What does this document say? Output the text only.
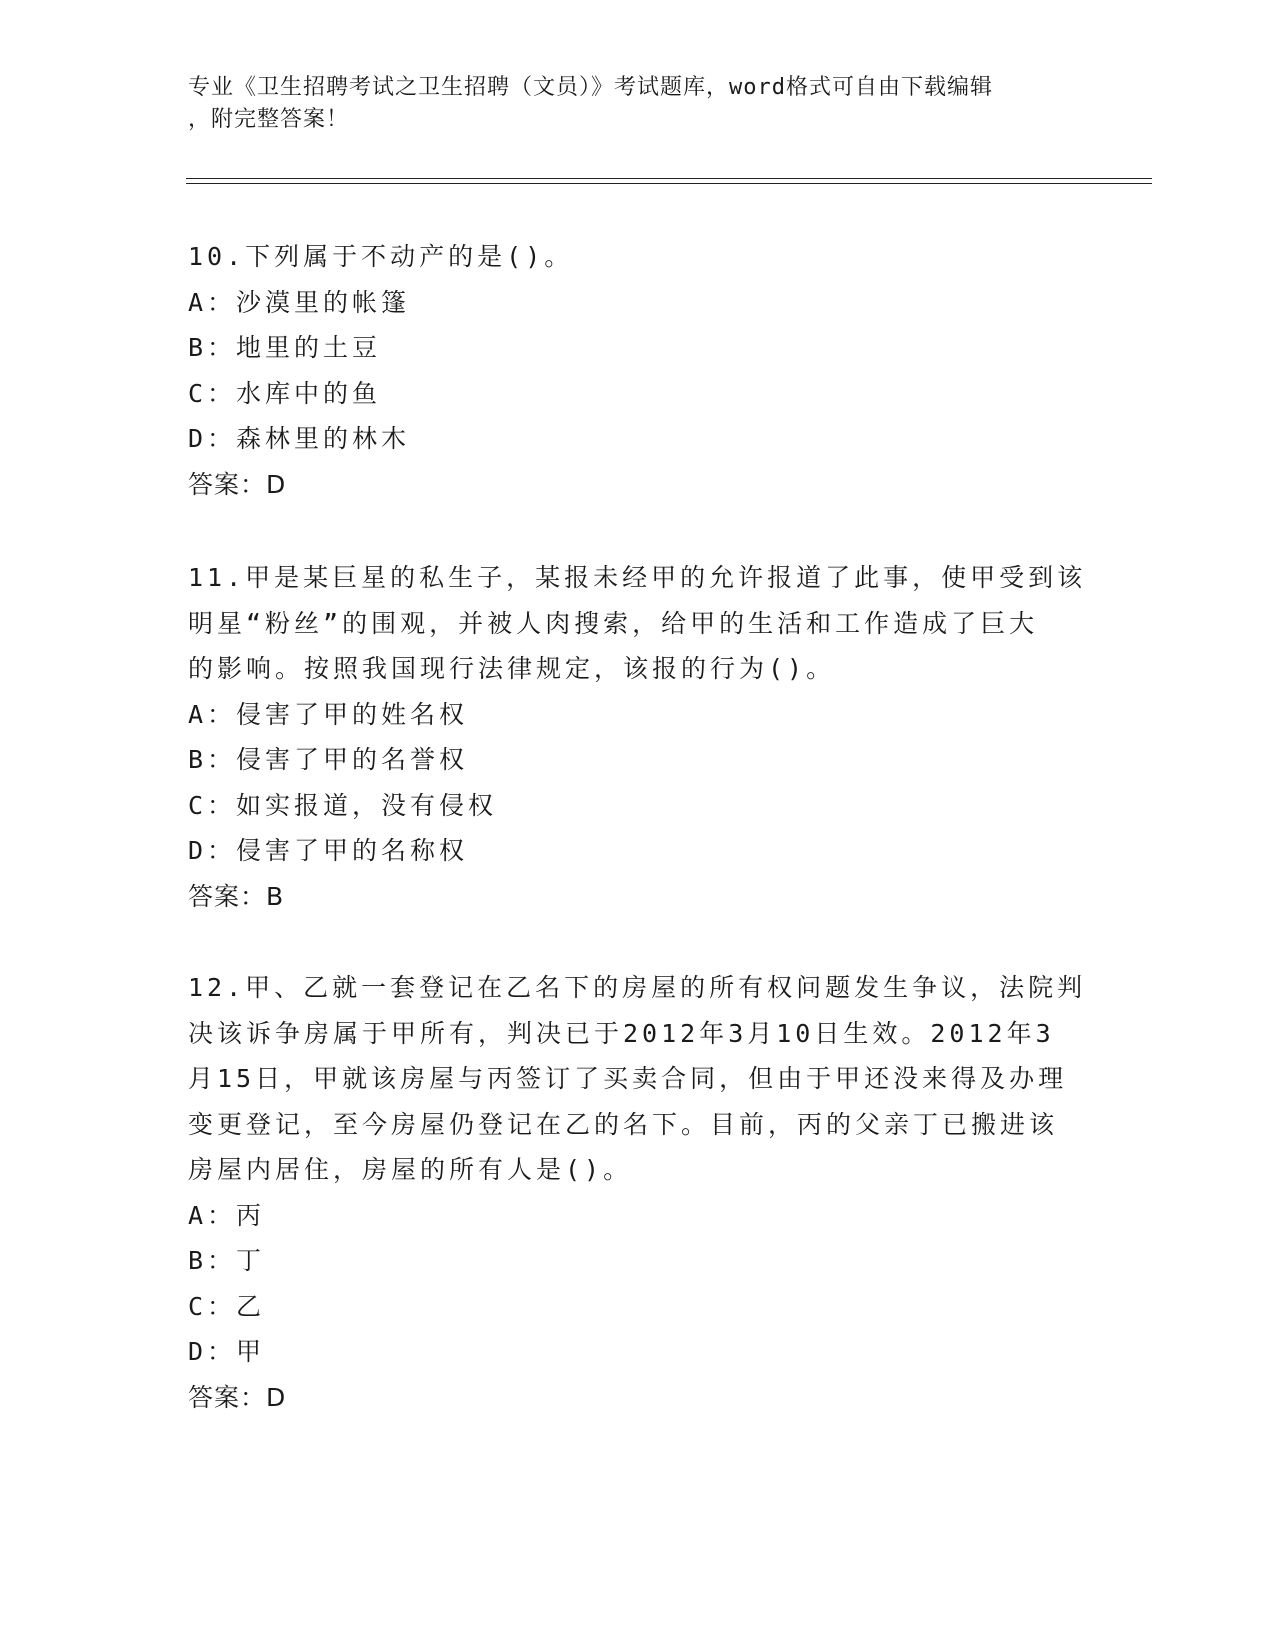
专业《卫生招聘考试之卫生招聘（文员）》考试题库，word格式可自由下载编辑
，附完整答案！

10.下列属于不动产的是()。

A：沙漠里的帐篷

B：地里的土豆

C：水库中的鱼

D：森林里的林木

答案：D

11.甲是某巨星的私生子，某报未经甲的允许报道了此事，使甲受到该

明星“粉丝”的围观，并被人肉搜索，给甲的生活和工作造成了巨大

的影响。按照我国现行法律规定，该报的行为()。

A：侵害了甲的姓名权

B：侵害了甲的名誉权

C：如实报道，没有侵权

D：侵害了甲的名称权

答案：B

12.甲、乙就一套登记在乙名下的房屋的所有权问题发生争议，法院判

决该诉争房属于甲所有，判决已于2012年3月10日生效。2012年3

月15日，甲就该房屋与丙签订了买卖合同，但由于甲还没来得及办理

变更登记，至今房屋仍登记在乙的名下。目前，丙的父亲丁已搬进该

房屋内居住，房屋的所有人是()。

A：丙

B：丁

C：乙

D：甲

答案：D
